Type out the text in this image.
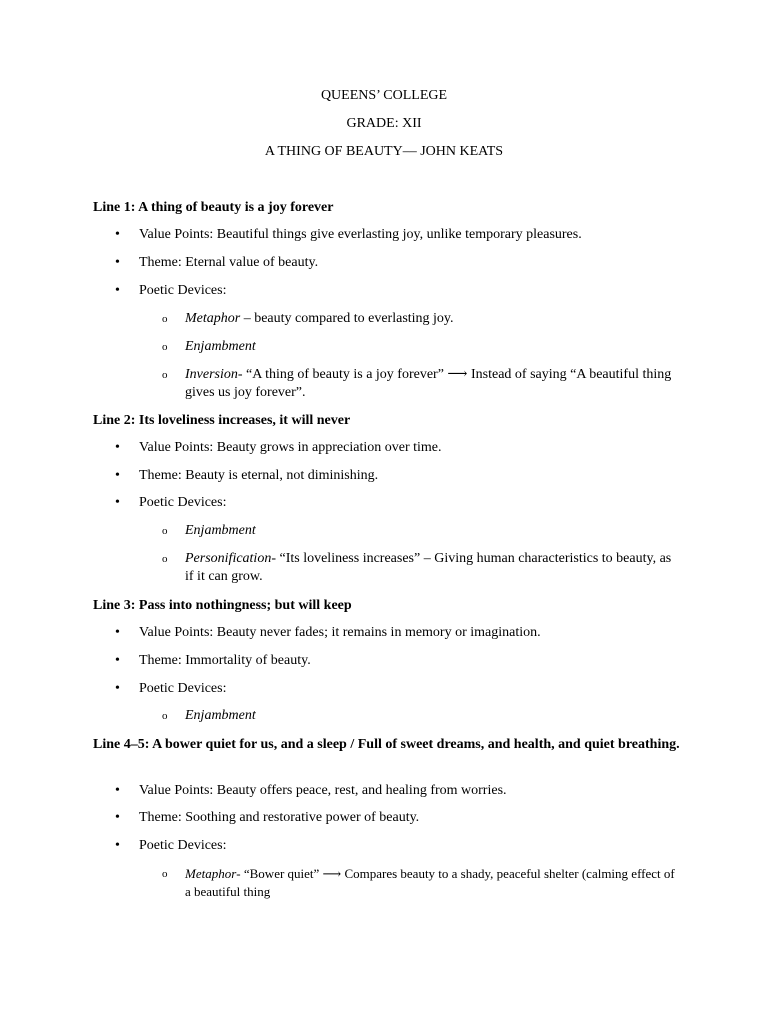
QUEENS’ COLLEGE
GRADE: XII
A THING OF BEAUTY–– JOHN KEATS
Line 1: A thing of beauty is a joy forever
• Value Points: Beautiful things give everlasting joy, unlike temporary pleasures.
• Theme: Eternal value of beauty.
• Poetic Devices:
o Metaphor – beauty compared to everlasting joy.
o Enjambment
o Inversion- “A thing of beauty is a joy forever” ⟶ Instead of saying “A beautiful thing gives us joy forever”.
Line 2: Its loveliness increases, it will never
• Value Points: Beauty grows in appreciation over time.
• Theme: Beauty is eternal, not diminishing.
• Poetic Devices:
o Enjambment
o Personification- “Its loveliness increases” – Giving human characteristics to beauty, as if it can grow.
Line 3: Pass into nothingness; but will keep
• Value Points: Beauty never fades; it remains in memory or imagination.
• Theme: Immortality of beauty.
• Poetic Devices:
o Enjambment
Line 4–5: A bower quiet for us, and a sleep / Full of sweet dreams, and health, and quiet breathing.
• Value Points: Beauty offers peace, rest, and healing from worries.
• Theme: Soothing and restorative power of beauty.
• Poetic Devices:
o Metaphor- “Bower quiet” ⟶ Compares beauty to a shady, peaceful shelter (calming effect of a beautiful thing
